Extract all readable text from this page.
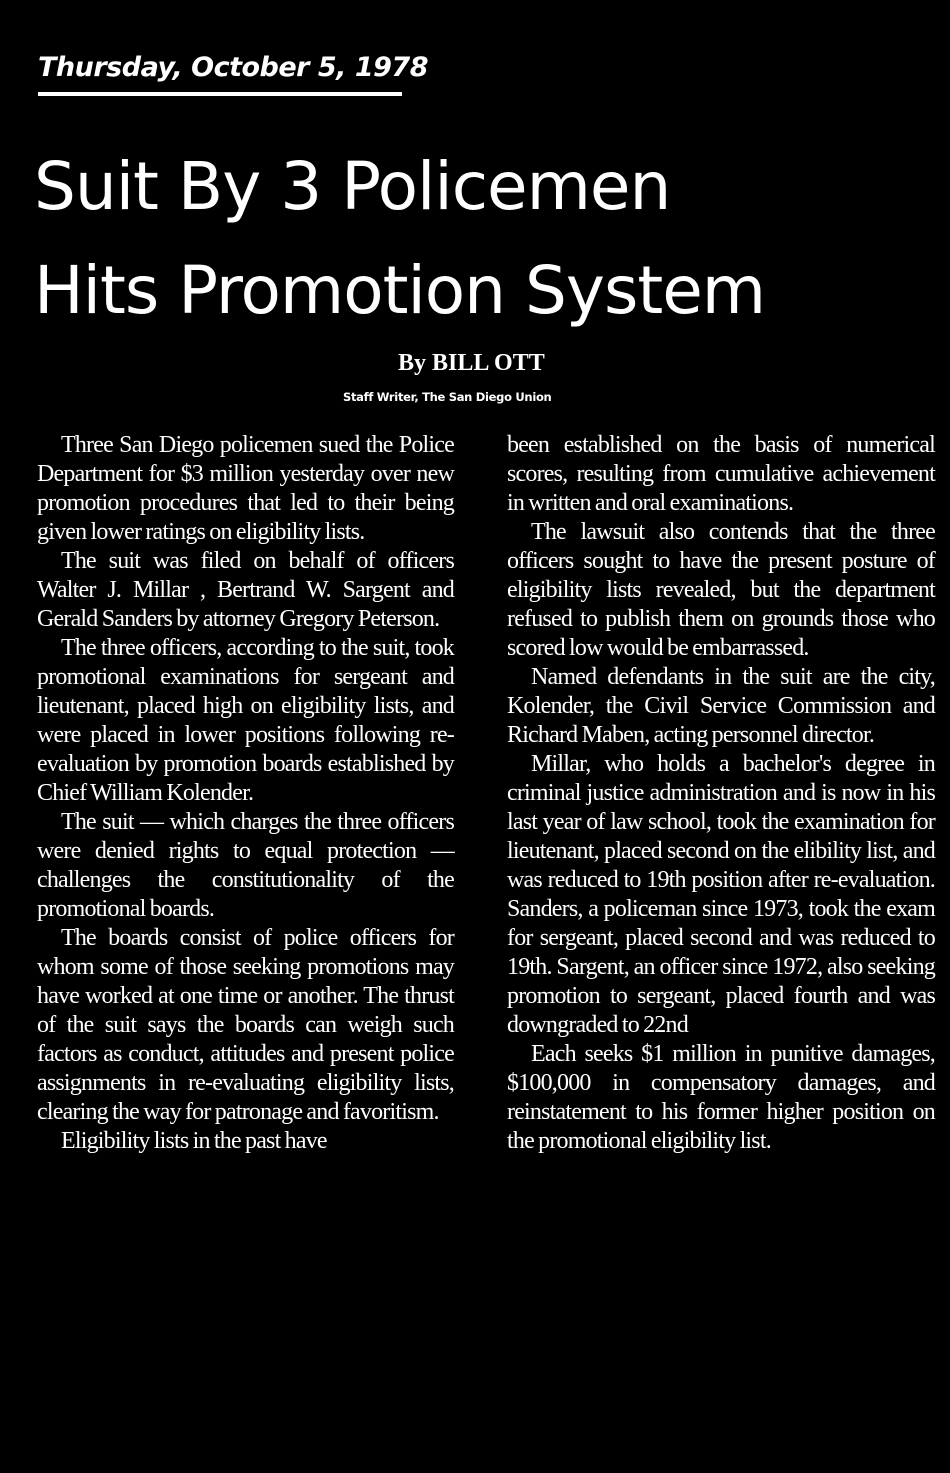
Thursday, October 5, 1978
Suit By 3 Policemen
Hits Promotion System
By BILL OTT
Staff Writer, The San Diego Union

Three San Diego policemen sued the Police Department for $3 million yesterday over new promotion procedures that led to their being given lower ratings on eligibility lists.

The suit was filed on behalf of officers Walter J. Millar , Bertrand W. Sargent and Gerald Sanders by attorney Gregory Peterson.

The three officers, according to the suit, took promotional examinations for sergeant and lieutenant, placed high on eligibility lists, and were placed in lower positions following re-evaluation by promotion boards established by Chief William Kolender.

The suit — which charges the three officers were denied rights to equal protection — challenges the constitutionality of the promotional boards.

The boards consist of police officers for whom some of those seeking promotions may have worked at one time or another. The thrust of the suit says the boards can weigh such factors as conduct, attitudes and present police assignments in re-evaluating eligibility lists, clearing the way for patronage and favoritism.

Eligibility lists in the past have

been established on the basis of numerical scores, resulting from cumulative achievement in written and oral examinations.

The lawsuit also contends that the three officers sought to have the present posture of eligibility lists revealed, but the department refused to publish them on grounds those who scored low would be embarrassed.

Named defendants in the suit are the city, Kolender, the Civil Service Commission and Richard Maben, acting personnel director.

Millar, who holds a bachelor's degree in criminal justice administration and is now in his last year of law school, took the examination for lieutenant, placed second on the elibility list, and was reduced to 19th position after re-evaluation. Sanders, a policeman since 1973, took the exam for sergeant, placed second and was reduced to 19th. Sargent, an officer since 1972, also seeking promotion to sergeant, placed fourth and was downgraded to 22nd

Each seeks $1 million in punitive damages, $100,000 in compensatory damages, and reinstatement to his former higher position on the promotional eligibility list.
